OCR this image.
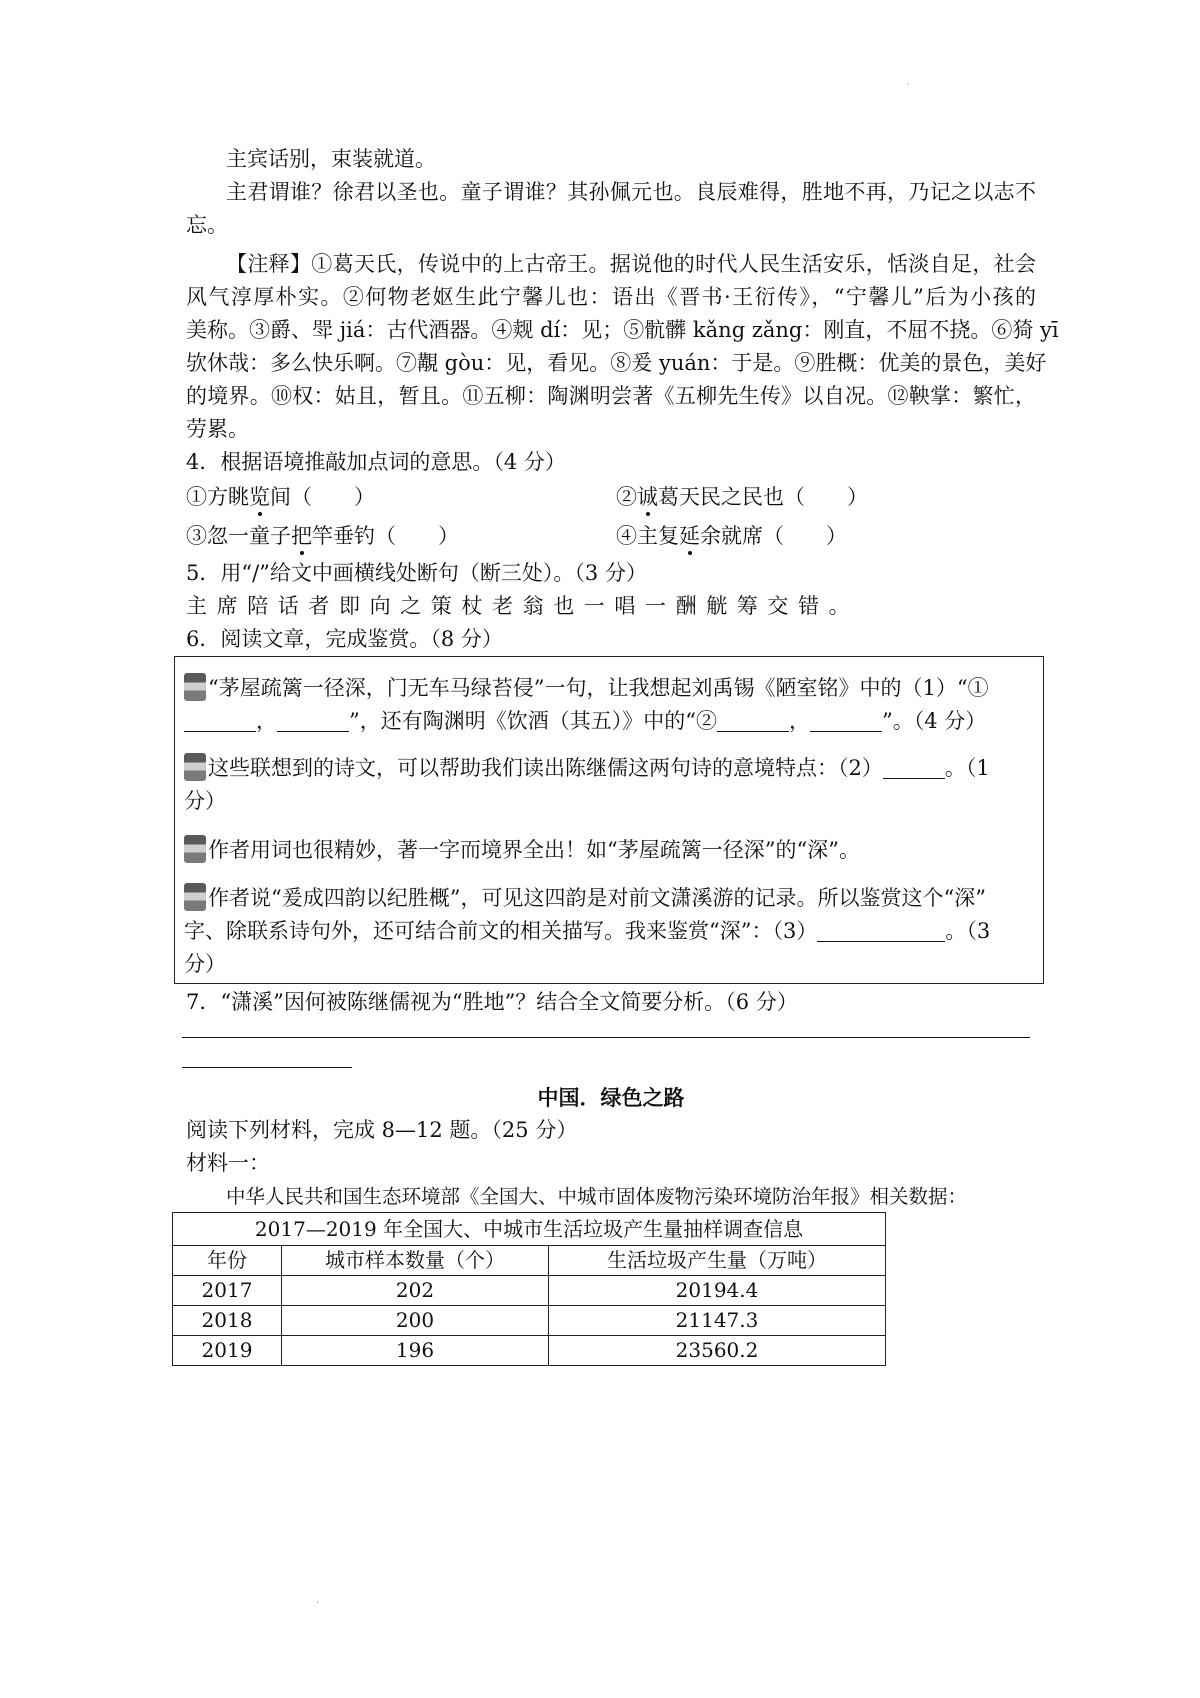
·
主宾话别，束装就道。
主君谓谁？徐君以圣也。童子谓谁？其孙佩元也。良辰难得，胜地不再，乃记之以志不
忘。
【注释】①葛天氏，传说中的上古帝王。据说他的时代人民生活安乐，恬淡自足，社会
风气淳厚朴实。②何物老妪生此宁馨儿也：语出《晋书·王衍传》，“宁馨儿”后为小孩的
美称。③爵、斝 jiá：古代酒器。④觌 dí：见；⑤骯髒 kǎng zǎng：刚直，不屈不挠。⑥猗 yī
欤休哉：多么快乐啊。⑦覯 gòu：见，看见。⑧爰 yuán：于是。⑨胜概：优美的景色，美好
的境界。⑩权：姑且，暂且。⑪五柳：陶渊明尝著《五柳先生传》以自况。⑫鞅掌：繁忙，
劳累。
4．根据语境推敲加点词的意思。（4 分）
①方眺览间（　　）	②诚葛天民之民也（　　）
③忽一童子把竿垂钓（　　）	④主复延余就席（　　）
5．用“/”给文中画横线处断句（断三处）。（3 分）
主席陪话者即向之策杖老翁也一唱一酬觥筹交错。
6．阅读文章，完成鉴赏。（8 分）
“茅屋疏篱一径深，门无车马绿苔侵”一句，让我想起刘禹锡《陋室铭》中的（1）“①
，	”，还有陶渊明《饮酒（其五）》中的“②	，	”。（4 分）
这些联想到的诗文，可以帮助我们读出陈继儒这两句诗的意境特点：（2）	。（1
分）
作者用词也很精妙，著一字而境界全出！如“茅屋疏篱一径深”的“深”。
作者说“爰成四韵以纪胜概”，可见这四韵是对前文潇溪游的记录。所以鉴赏这个“深”
字、除联系诗句外，还可结合前文的相关描写。我来鉴赏“深”：（3）	。（3
分）
7．“潇溪”因何被陈继儒视为“胜地”？结合全文简要分析。（6 分）
中国．绿色之路
阅读下列材料，完成 8—12 题。（25 分）
材料一：
中华人民共和国生态环境部《全国大、中城市固体废物污染环境防治年报》相关数据：
2017—2019 年全国大、中城市生活垃圾产生量抽样调查信息		
年份	城市样本数量（个）	生活垃圾产生量（万吨）
2017	202	20194.4
2018	200	21147.3
2019	196	23560.2
·
